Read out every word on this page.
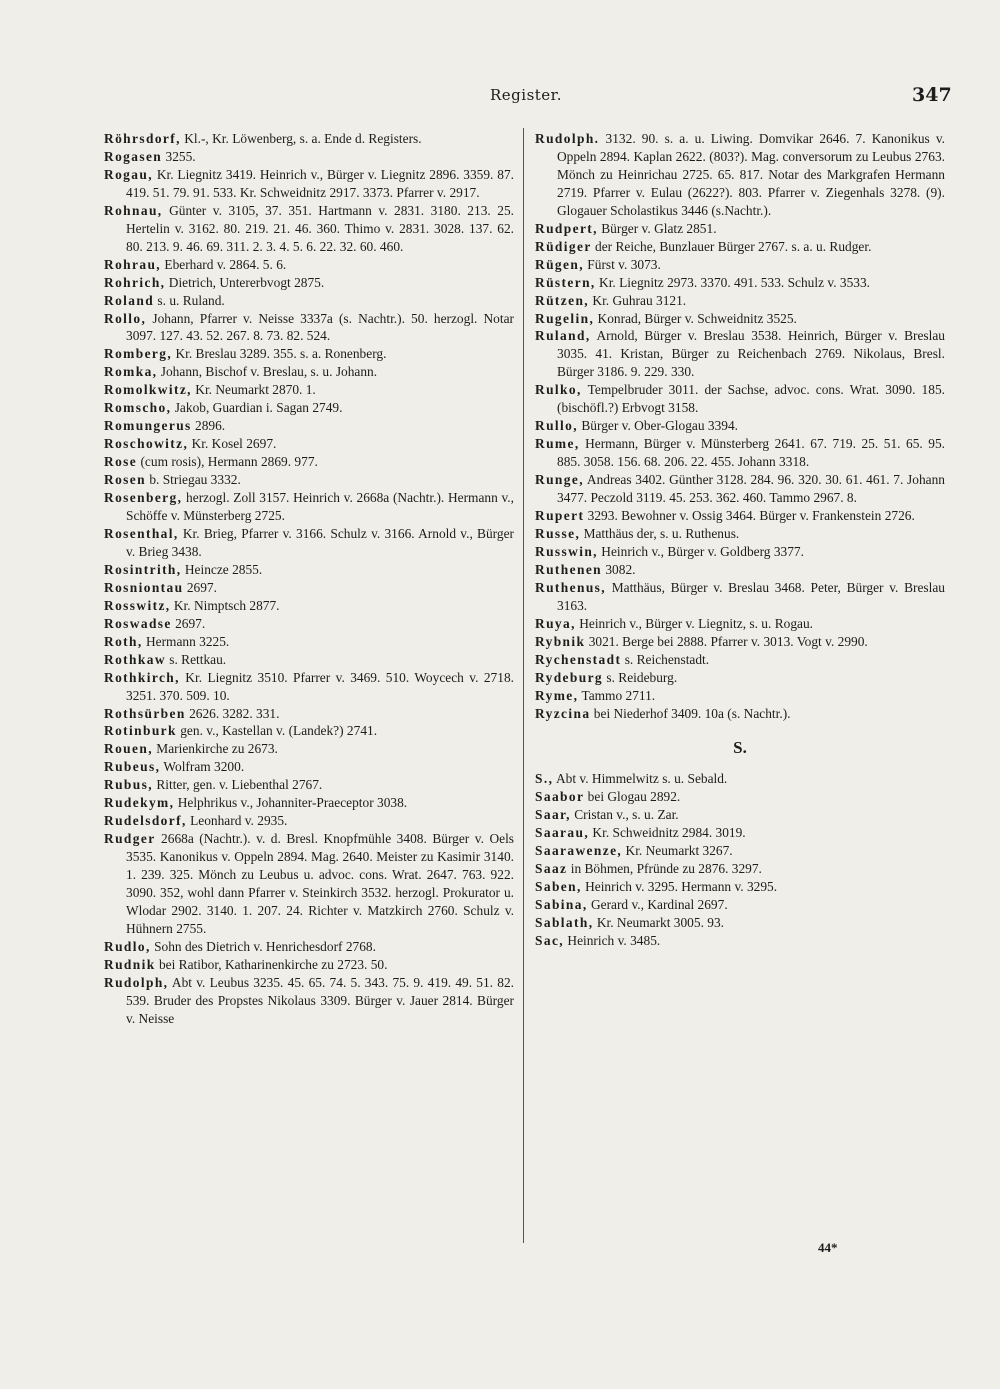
Register.	347

Röhrsdorf, Kl.-, Kr. Löwenberg, s. a. Ende d. Registers.

Rogasen 3255.

Rogau, Kr. Liegnitz 3419. Heinrich v., Bürger v. Liegnitz 2896. 3359. 87. 419. 51. 79. 91. 533. Kr. Schweidnitz 2917. 3373. Pfarrer v. 2917.

Rohnau, Günter v. 3105, 37. 351. Hartmann v. 2831. 3180. 213. 25. Hertelin v. 3162. 80. 219. 21. 46. 360. Thimo v. 2831. 3028. 137. 62. 80. 213. 9. 46. 69. 311. 2. 3. 4. 5. 6. 22. 32. 60. 460.

Rohrau, Eberhard v. 2864. 5. 6.

Rohrich, Dietrich, Untererbvogt 2875.

Roland s. u. Ruland.

Rollo, Johann, Pfarrer v. Neisse 3337a (s. Nachtr.). 50. herzogl. Notar 3097. 127. 43. 52. 267. 8. 73. 82. 524.

Romberg, Kr. Breslau 3289. 355. s. a. Ronenberg.

Romka, Johann, Bischof v. Breslau, s. u. Johann.

Romolkwitz, Kr. Neumarkt 2870. 1.

Romscho, Jakob, Guardian i. Sagan 2749.

Romungerus 2896.

Roschowitz, Kr. Kosel 2697.

Rose (cum rosis), Hermann 2869. 977.

Rosen b. Striegau 3332.

Rosenberg, herzogl. Zoll 3157. Heinrich v. 2668a (Nachtr.). Hermann v., Schöffe v. Münsterberg 2725.

Rosenthal, Kr. Brieg, Pfarrer v. 3166. Schulz v. 3166. Arnold v., Bürger v. Brieg 3438.

Rosintrith, Heincze 2855.

Rosniontau 2697.

Rosswitz, Kr. Nimptsch 2877.

Roswadse 2697.

Roth, Hermann 3225.

Rothkaw s. Rettkau.

Rothkirch, Kr. Liegnitz 3510. Pfarrer v. 3469. 510. Woycech v. 2718. 3251. 370. 509. 10.

Rothsürben 2626. 3282. 331.

Rotinburk gen. v., Kastellan v. (Landek?) 2741.

Rouen, Marienkirche zu 2673.

Rubeus, Wolfram 3200.

Rubus, Ritter, gen. v. Liebenthal 2767.

Rudekym, Helphrikus v., Johanniter-Praeceptor 3038.

Rudelsdorf, Leonhard v. 2935.

Rudger 2668a (Nachtr.). v. d. Bresl. Knopfmühle 3408. Bürger v. Oels 3535. Kanonikus v. Oppeln 2894. Mag. 2640. Meister zu Kasimir 3140. 1. 239. 325. Mönch zu Leubus u. advoc. cons. Wrat. 2647. 763. 922. 3090. 352, wohl dann Pfarrer v. Steinkirch 3532. herzogl. Prokurator u. Wlodar 2902. 3140. 1. 207. 24. Richter v. Matzkirch 2760. Schulz v. Hühnern 2755.

Rudlo, Sohn des Dietrich v. Henrichesdorf 2768.

Rudnik bei Ratibor, Katharinenkirche zu 2723. 50.

Rudolph, Abt v. Leubus 3235. 45. 65. 74. 5. 343. 75. 9. 419. 49. 51. 82. 539. Bruder des Propstes Nikolaus 3309. Bürger v. Jauer 2814. Bürger v. Neisse

Rudolph. 3132. 90. s. a. u. Liwing. Domvikar 2646. 7. Kanonikus v. Oppeln 2894. Kaplan 2622. (803?). Mag. conversorum zu Leubus 2763. Mönch zu Heinrichau 2725. 65. 817. Notar des Markgrafen Hermann 2719. Pfarrer v. Eulau (2622?). 803. Pfarrer v. Ziegenhals 3278. (9). Glogauer Scholastikus 3446 (s.Nachtr.).

Rudpert, Bürger v. Glatz 2851.

Rüdiger der Reiche, Bunzlauer Bürger 2767. s. a. u. Rudger.

Rügen, Fürst v. 3073.

Rüstern, Kr. Liegnitz 2973. 3370. 491. 533. Schulz v. 3533.

Rützen, Kr. Guhrau 3121.

Rugelin, Konrad, Bürger v. Schweidnitz 3525.

Ruland, Arnold, Bürger v. Breslau 3538. Heinrich, Bürger v. Breslau 3035. 41. Kristan, Bürger zu Reichenbach 2769. Nikolaus, Bresl. Bürger 3186. 9. 229. 330.

Rulko, Tempelbruder 3011. der Sachse, advoc. cons. Wrat. 3090. 185. (bischöfl.?) Erbvogt 3158.

Rullo, Bürger v. Ober-Glogau 3394.

Rume, Hermann, Bürger v. Münsterberg 2641. 67. 719. 25. 51. 65. 95. 885. 3058. 156. 68. 206. 22. 455. Johann 3318.

Runge, Andreas 3402. Günther 3128. 284. 96. 320. 30. 61. 461. 7. Johann 3477. Peczold 3119. 45. 253. 362. 460. Tammo 2967. 8.

Rupert 3293. Bewohner v. Ossig 3464. Bürger v. Frankenstein 2726.

Russe, Matthäus der, s. u. Ruthenus.

Russwin, Heinrich v., Bürger v. Goldberg 3377.

Ruthenen 3082.

Ruthenus, Matthäus, Bürger v. Breslau 3468. Peter, Bürger v. Breslau 3163.

Ruya, Heinrich v., Bürger v. Liegnitz, s. u. Rogau.

Rybnik 3021. Berge bei 2888. Pfarrer v. 3013. Vogt v. 2990.

Rychenstadt s. Reichenstadt.

Rydeburg s. Reideburg.

Ryme, Tammo 2711.

Ryzcina bei Niederhof 3409. 10a (s. Nachtr.).

S.

S., Abt v. Himmelwitz s. u. Sebald.

Saabor bei Glogau 2892.

Saar, Cristan v., s. u. Zar.

Saarau, Kr. Schweidnitz 2984. 3019.

Saarawenze, Kr. Neumarkt 3267.

Saaz in Böhmen, Pfründe zu 2876. 3297.

Saben, Heinrich v. 3295. Hermann v. 3295.

Sabina, Gerard v., Kardinal 2697.

Sablath, Kr. Neumarkt 3005. 93.

Sac, Heinrich v. 3485.

44*
